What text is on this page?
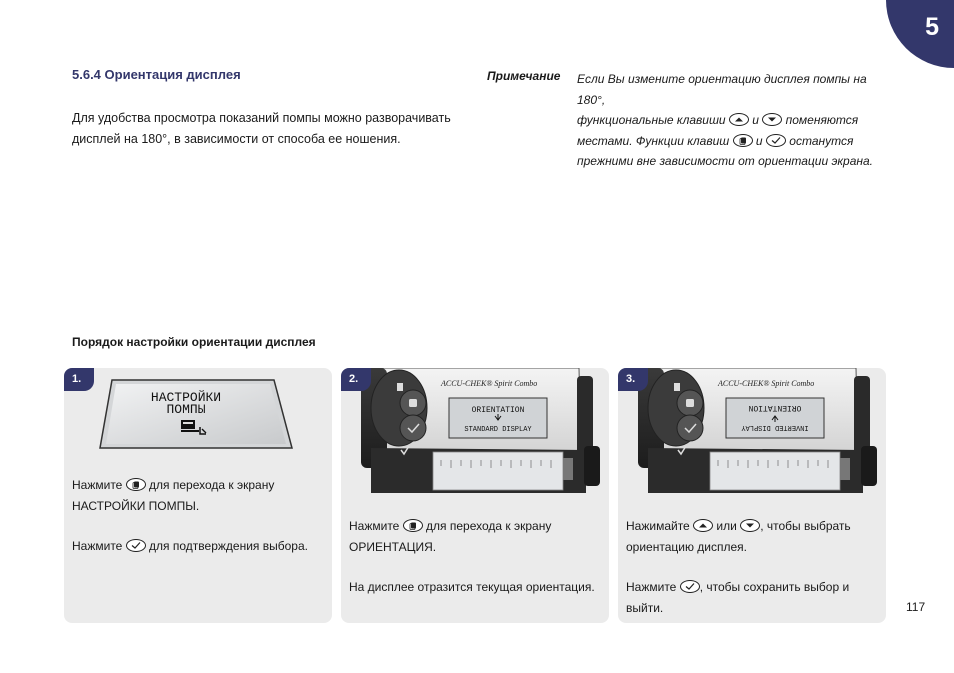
5
5.6.4 Ориентация дисплея
Для удобства просмотра показаний помпы можно разворачивать
дисплей на 180°, в зависимости от способа ее ношения.
Примечание Если Вы измените ориентацию дисплея помпы на 180°,
функциональные клавиши и поменяются
местами. Функции клавиш и останутся
прежними вне зависимости от ориентации экрана.
Порядок настройки ориентации дисплея
НАСТРОЙКИ
ПОМПЫ
1.
Нажмите для перехода к экрану
НАСТРОЙКИ ПОМПЫ.
Нажмите для подтверждения выбора.
ACCU-CHEK® Spirit Combo
ORIENTATION
STANDARD DISPLAY
2.
Нажмите для перехода к экрану
ОРИЕНТАЦИЯ.
На дисплее отразится текущая ориентация.
ACCU-CHEK® Spirit Combo
INVERTED DISPLAY
ORIENTATION
3.
Нажимайте или , чтобы выбрать
ориентацию дисплея.
Нажмите , чтобы сохранить выбор и выйти.	117
